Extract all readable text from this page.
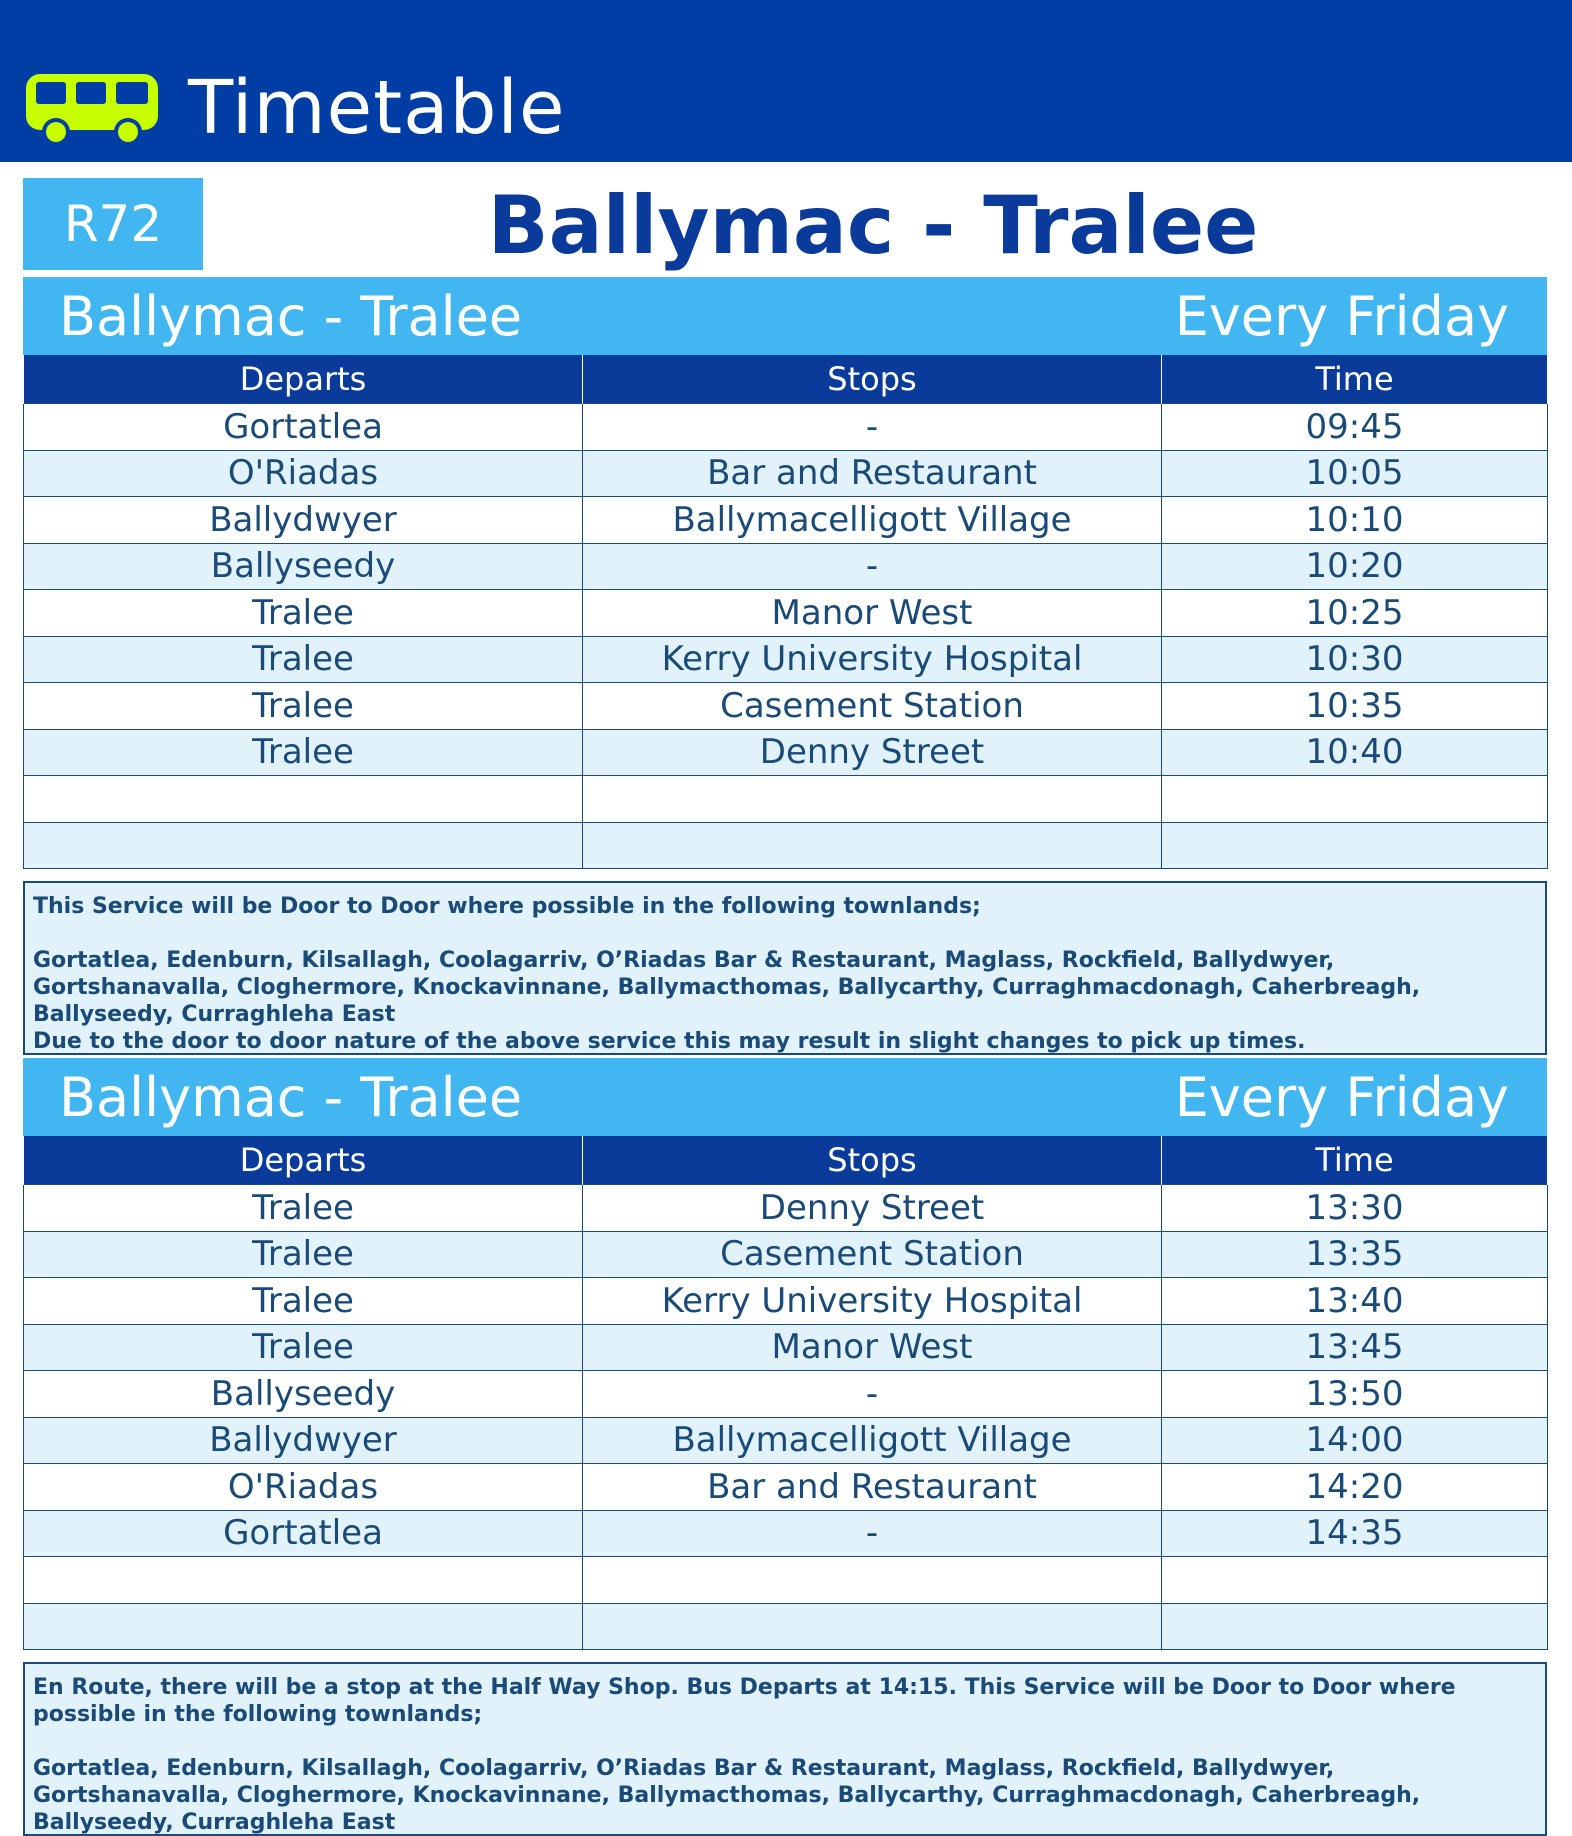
Timetable
R72	Ballymac - Tralee
Ballymac - Tralee	Every Friday
Departs	Stops	Time
Gortatlea	-	09:45
O'Riadas	Bar and Restaurant	10:05
Ballydwyer	Ballymacelligott Village	10:10
Ballyseedy	-	10:20
Tralee	Manor West	10:25
Tralee	Kerry University Hospital	10:30
Tralee	Casement Station	10:35
Tralee	Denny Street	10:40

This Service will be Door to Door where possible in the following townlands;

Gortatlea, Edenburn, Kilsallagh, Coolagarriv, O’Riadas Bar & Restaurant, Maglass, Rockfield, Ballydwyer, Gortshanavalla, Cloghermore, Knockavinnane, Ballymacthomas, Ballycarthy, Curraghmacdonagh, Caherbreagh, Ballyseedy, Curraghleha East

Due to the door to door nature of the above service this may result in slight changes to pick up times.

Ballymac - Tralee	Every Friday
Departs	Stops	Time
Tralee	Denny Street	13:30
Tralee	Casement Station	13:35
Tralee	Kerry University Hospital	13:40
Tralee	Manor West	13:45
Ballyseedy	-	13:50
Ballydwyer	Ballymacelligott Village	14:00
O'Riadas	Bar and Restaurant	14:20
Gortatlea	-	14:35

En Route, there will be a stop at the Half Way Shop. Bus Departs at 14:15. This Service will be Door to Door where possible in the following townlands;

Gortatlea, Edenburn, Kilsallagh, Coolagarriv, O’Riadas Bar & Restaurant, Maglass, Rockfield, Ballydwyer, Gortshanavalla, Cloghermore, Knockavinnane, Ballymacthomas, Ballycarthy, Curraghmacdonagh, Caherbreagh, Ballyseedy, Curraghleha East
